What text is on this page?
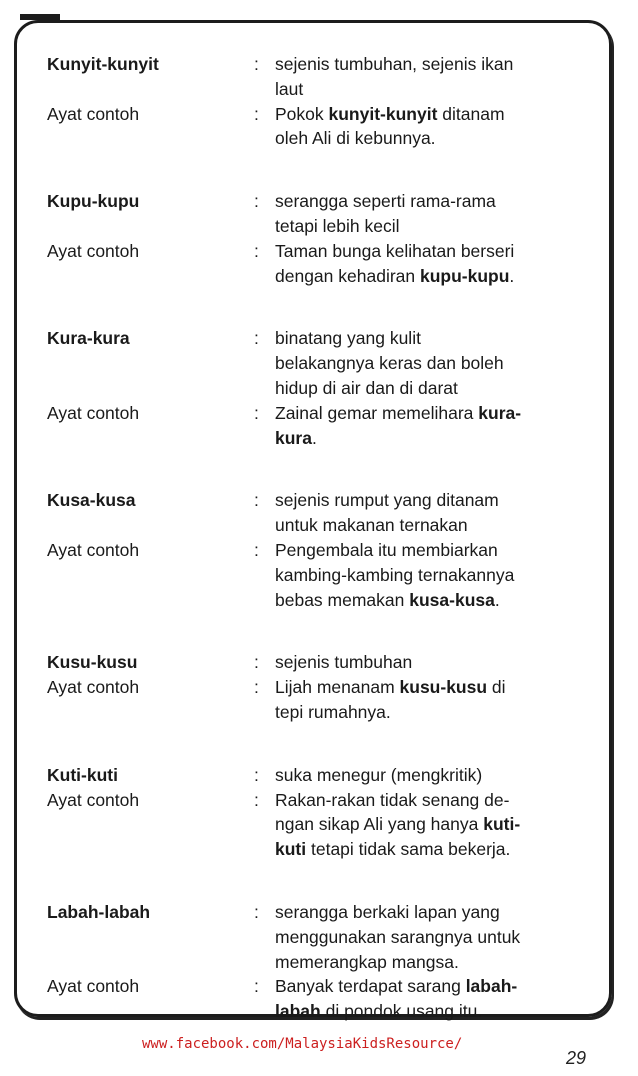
www.facebook.com/MalaysiaKidsResource/
29
Kunyit-kunyit	: sejenis tumbuhan, sejenis ikan
laut
Ayat contoh	: Pokok kunyit-kunyit ditanam
oleh Ali di kebunnya.
Kupu-kupu	: serangga seperti rama-rama
tetapi lebih kecil
Ayat contoh	: Taman bunga kelihatan berseri
dengan kehadiran kupu-kupu.
Kura-kura	: binatang yang kulit
belakangnya keras dan boleh
hidup di air dan di darat
Ayat contoh	: Zainal gemar memelihara kura-
kura.
Kusa-kusa	: sejenis rumput yang ditanam
untuk makanan ternakan
Ayat contoh	: Pengembala itu membiarkan
kambing-kambing ternakannya
bebas memakan kusa-kusa.
Kusu-kusu	: sejenis tumbuhan
Ayat contoh	: Lijah menanam kusu-kusu di
tepi rumahnya.
Kuti-kuti	: suka menegur (mengkritik)
Ayat contoh	: Rakan-rakan tidak senang de-
ngan sikap Ali yang hanya kuti-
kuti tetapi tidak sama bekerja.
Labah-labah	: serangga berkaki lapan yang
menggunakan sarangnya untuk
memerangkap mangsa.
Ayat contoh	: Banyak terdapat sarang labah-
labah di pondok usang itu.
